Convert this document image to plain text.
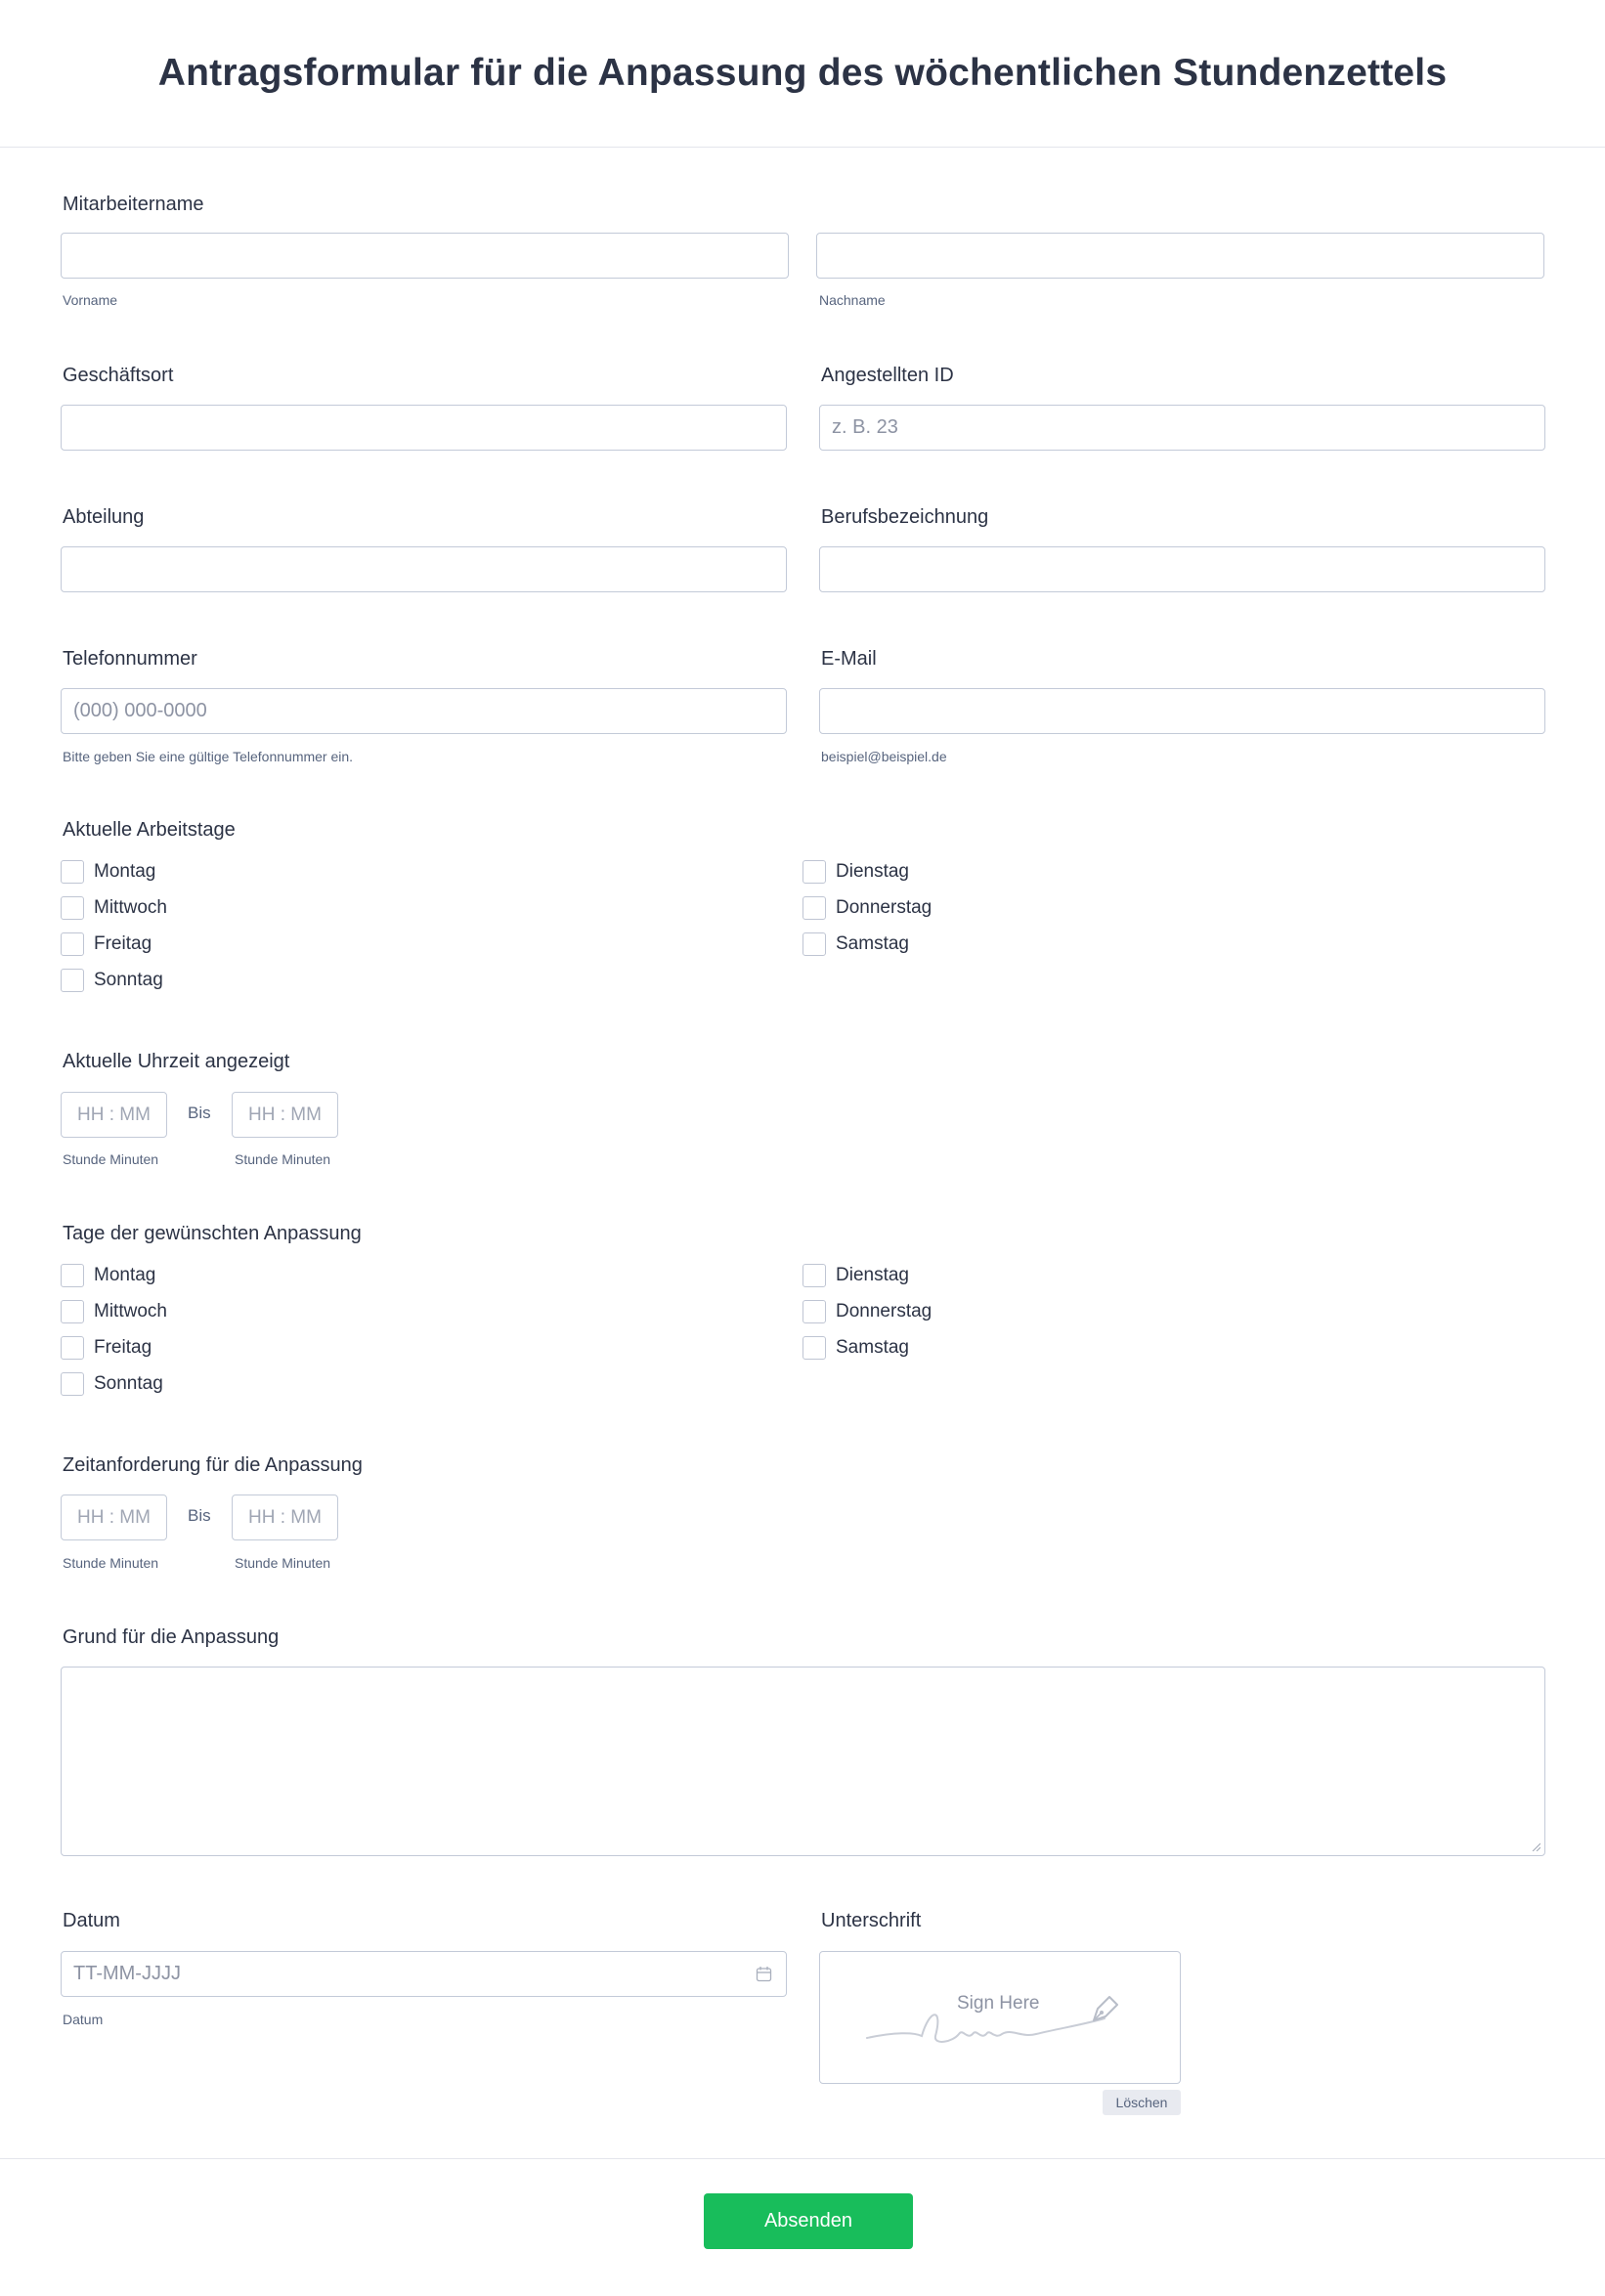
Antragsformular für die Anpassung des wöchentlichen Stundenzettels
Mitarbeitername
Vorname	Nachname
Geschäftsort	Angestellten ID
z. B. 23
Abteilung	Berufsbezeichnung
Telefonnummer
(000) 000-0000
Bitte geben Sie eine gültige Telefonnummer ein.
E-Mail
beispiel@beispiel.de
Aktuelle Arbeitstage
Montag	Dienstag
Mittwoch	Donnerstag
Freitag	Samstag
Sonntag
Aktuelle Uhrzeit angezeigt
HH : MM	Bis	HH : MM
Stunde Minuten	Stunde Minuten
Tage der gewünschten Anpassung
Montag	Dienstag
Mittwoch	Donnerstag
Freitag	Samstag
Sonntag
Zeitanforderung für die Anpassung
HH : MM	Bis	HH : MM
Stunde Minuten	Stunde Minuten
Grund für die Anpassung
Datum
TT-MM-JJJJ
Datum
Unterschrift
Sign Here
Löschen
Absenden
